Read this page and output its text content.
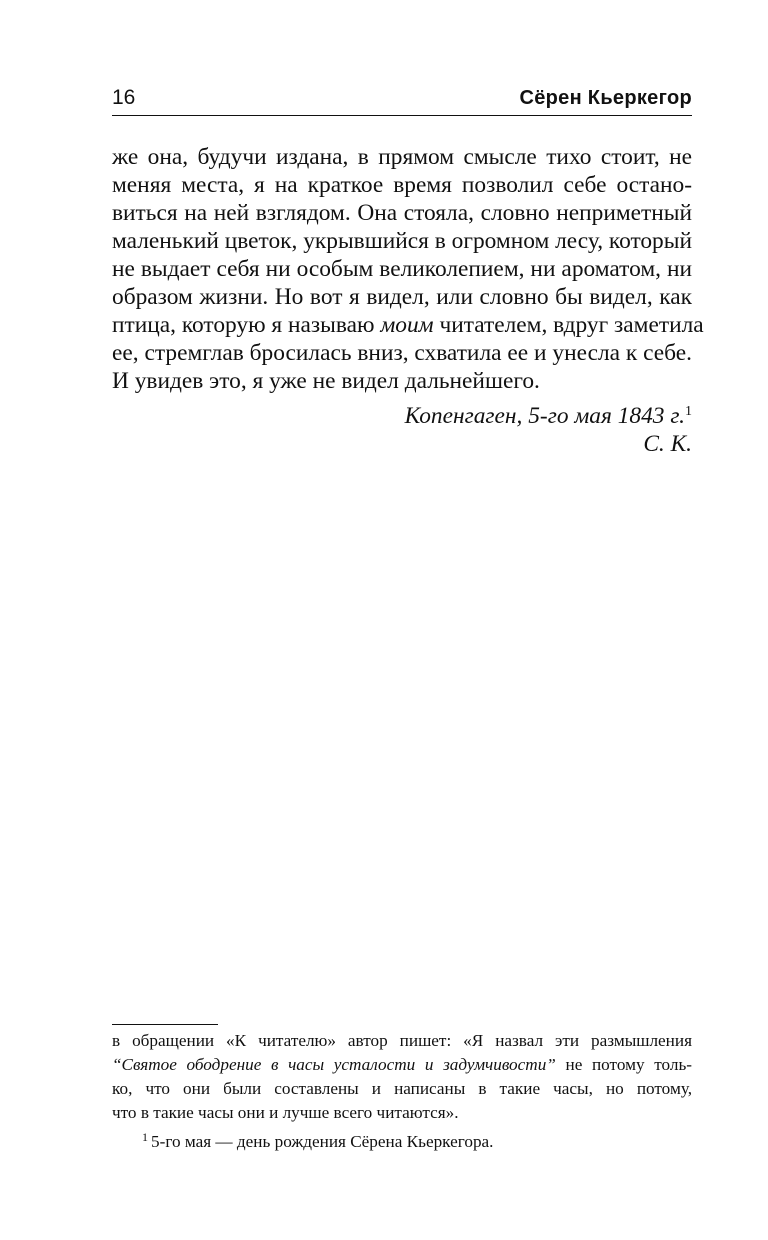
16	Сёрен Кьеркегор
же она, будучи издана, в прямом смысле тихо стоит, не
меняя места, я на краткое время позволил себе остано-
виться на ней взглядом. Она стояла, словно неприметный
маленький цветок, укрывшийся в огромном лесу, который
не выдает себя ни особым великолепием, ни ароматом, ни
образом жизни. Но вот я видел, или словно бы видел, как
птица, которую я называю моим читателем, вдруг заметила
ее, стремглав бросилась вниз, схватила ее и унесла к себе.
И увидев это, я уже не видел дальнейшего.
Копенгаген, 5-го мая 1843 г.$^1$
С. К.
в обращении «К читателю» автор пишет: «Я назвал эти размышления
“Святое ободрение в часы усталости и задумчивости” не потому толь-
ко, что они были составлены и написаны в такие часы, но потому,
что в такие часы они и лучше всего читаются».
$^1$ 5-го мая — день рождения Сёрена Кьеркегора.
